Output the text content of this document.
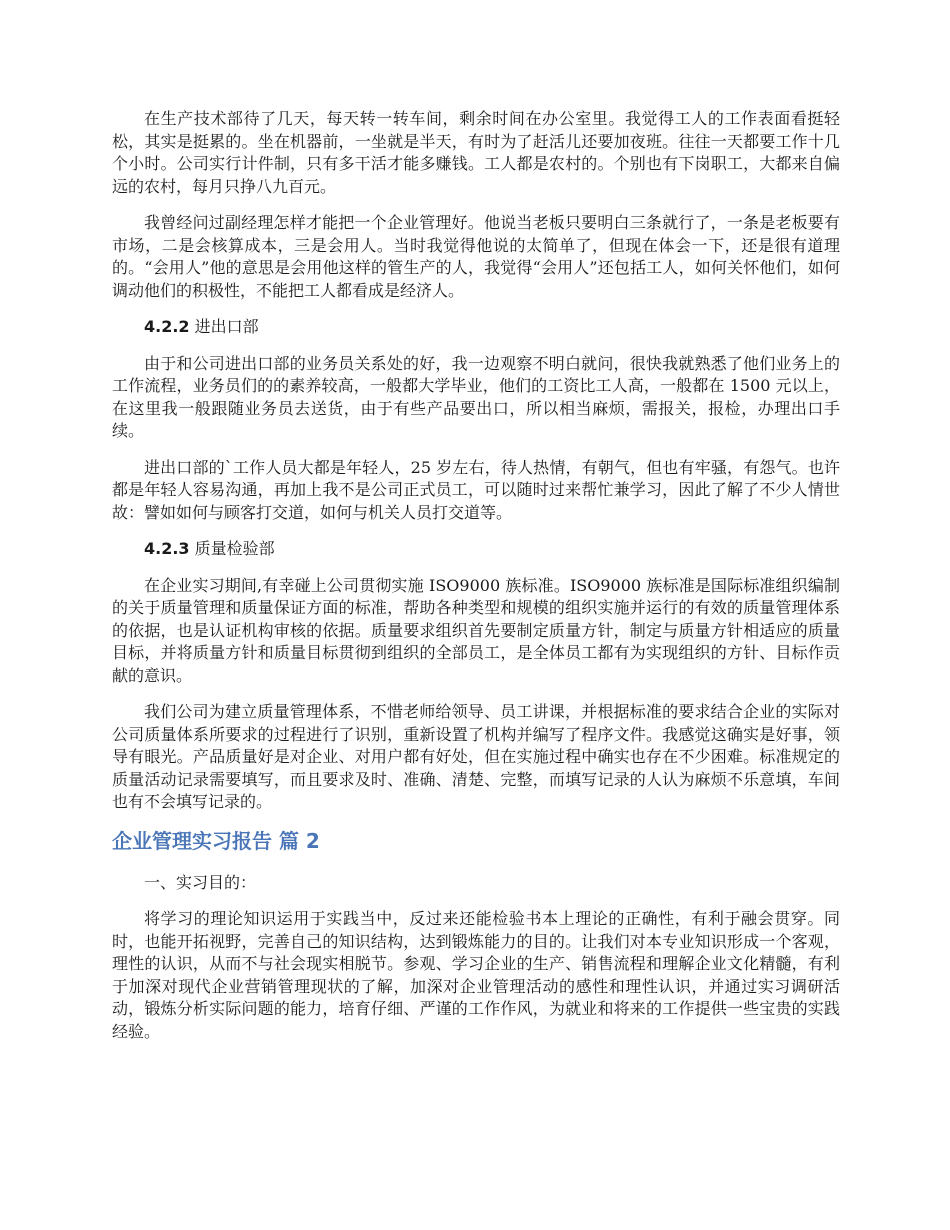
在生产技术部待了几天，每天转一转车间，剩余时间在办公室里。我觉得工人的工作表面看挺轻松，其实是挺累的。坐在机器前，一坐就是半天，有时为了赶活儿还要加夜班。往往一天都要工作十几个小时。公司实行计件制，只有多干活才能多赚钱。工人都是农村的。个别也有下岗职工，大都来自偏远的农村，每月只挣八九百元。

我曾经问过副经理怎样才能把一个企业管理好。他说当老板只要明白三条就行了，一条是老板要有市场，二是会核算成本，三是会用人。当时我觉得他说的太简单了，但现在体会一下，还是很有道理的。“会用人”他的意思是会用他这样的管生产的人，我觉得“会用人”还包括工人，如何关怀他们，如何调动他们的积极性，不能把工人都看成是经济人。

4.2.2 进出口部

由于和公司进出口部的业务员关系处的好，我一边观察不明白就问，很快我就熟悉了他们业务上的工作流程，业务员们的的素养较高，一般都大学毕业，他们的工资比工人高，一般都在 1500 元以上，在这里我一般跟随业务员去送货，由于有些产品要出口，所以相当麻烦，需报关，报检，办理出口手续。

进出口部的`工作人员大都是年轻人，25 岁左右，待人热情，有朝气，但也有牢骚，有怨气。也许都是年轻人容易沟通，再加上我不是公司正式员工，可以随时过来帮忙兼学习，因此了解了不少人情世故：譬如如何与顾客打交道，如何与机关人员打交道等。

4.2.3 质量检验部

在企业实习期间,有幸碰上公司贯彻实施 ISO9000 族标准。ISO9000 族标准是国际标准组织编制的关于质量管理和质量保证方面的标准，帮助各种类型和规模的组织实施并运行的有效的质量管理体系的依据，也是认证机构审核的依据。质量要求组织首先要制定质量方针，制定与质量方针相适应的质量目标，并将质量方针和质量目标贯彻到组织的全部员工，是全体员工都有为实现组织的方针、目标作贡献的意识。

我们公司为建立质量管理体系，不惜老师给领导、员工讲课，并根据标准的要求结合企业的实际对公司质量体系所要求的过程进行了识别，重新设置了机构并编写了程序文件。我感觉这确实是好事，领导有眼光。产品质量好是对企业、对用户都有好处，但在实施过程中确实也存在不少困难。标准规定的质量活动记录需要填写，而且要求及时、准确、清楚、完整，而填写记录的人认为麻烦不乐意填，车间也有不会填写记录的。

企业管理实习报告 篇 2

一、实习目的：

将学习的理论知识运用于实践当中，反过来还能检验书本上理论的正确性，有利于融会贯穿。同时，也能开拓视野，完善自己的知识结构，达到锻炼能力的目的。让我们对本专业知识形成一个客观，理性的认识，从而不与社会现实相脱节。参观、学习企业的生产、销售流程和理解企业文化精髓，有利于加深对现代企业营销管理现状的了解，加深对企业管理活动的感性和理性认识，并通过实习调研活动，锻炼分析实际问题的能力，培育仔细、严谨的工作作风，为就业和将来的工作提供一些宝贵的实践经验。
